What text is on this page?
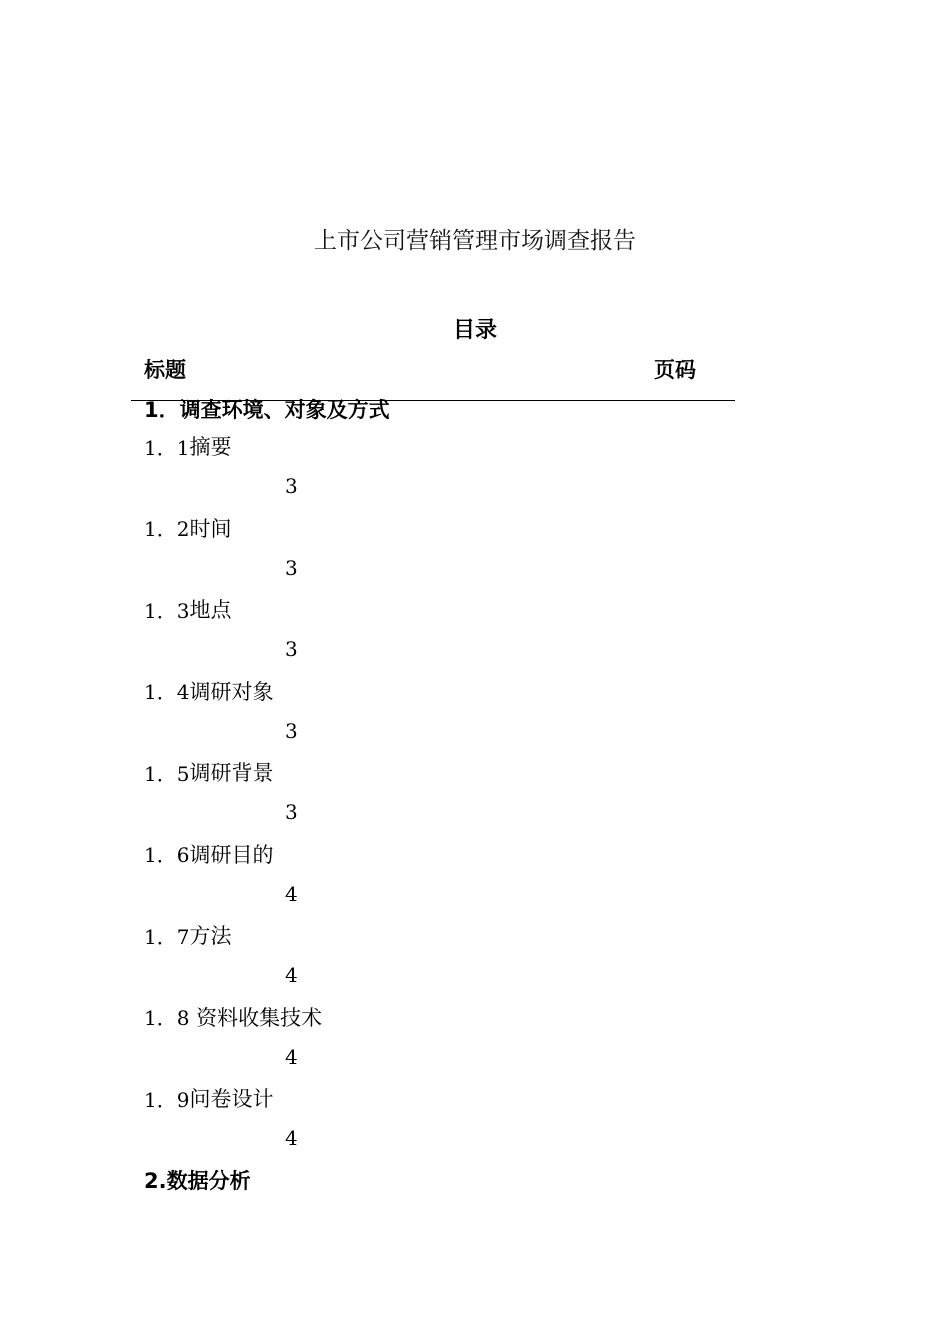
上市公司营销管理市场调查报告
目录
标题	页码
1．调查环境、对象及方式
1．1 摘要
3
1．2 时间
3
1．3 地点
3
1．4 调研对象
3
1．5 调研背景
3
1．6 调研目的
4
1．7 方法
4
1．8 资料收集技术
4
1．9 问卷设计
4
2.数据分析
